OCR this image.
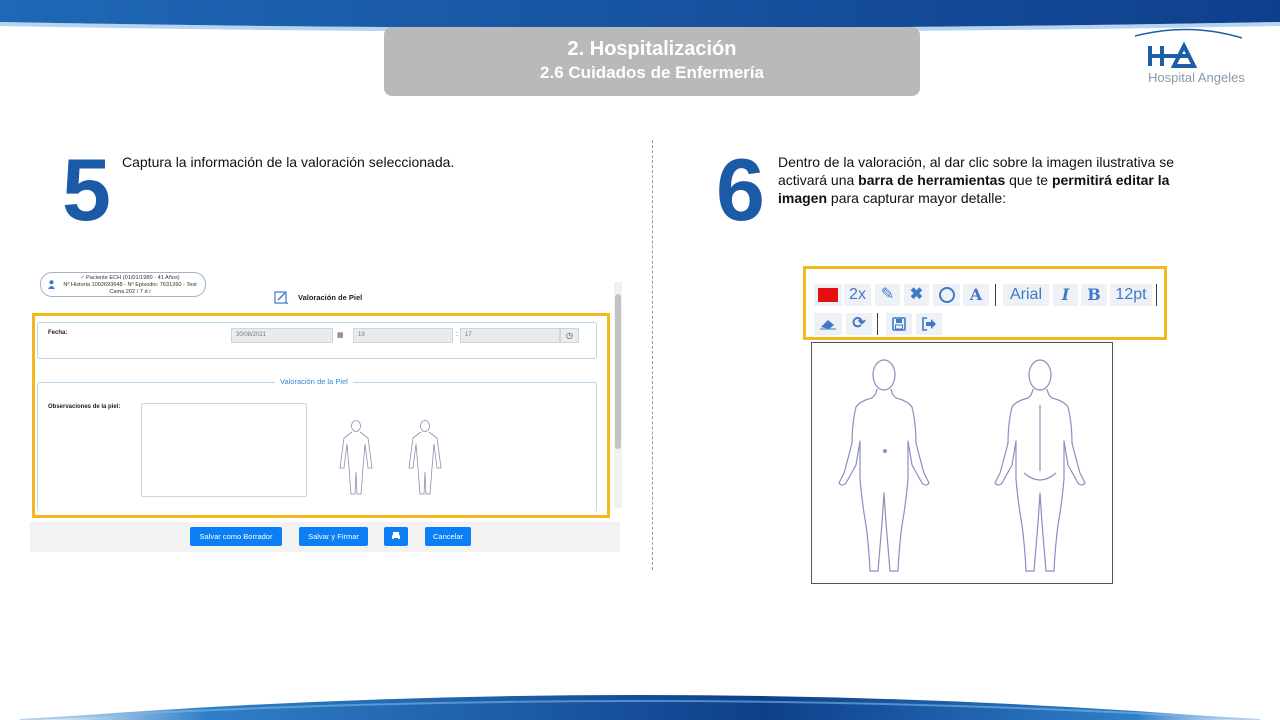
2. Hospitalización
2.6 Cuidados de Enfermería	Hospital Angeles
5 Captura la información de la valoración seleccionada.	6 Dentro de la valoración, al dar clic sobre la imagen ilustrativa se activará una barra de herramientas que te permitirá editar la imagen para capturar mayor detalle:
♂ Paciente ECH (01/01/1980 - 41 Años)
Nº Historia 1002693648 - Nº Episodio: 7631260 - Test
Cama 202 / 7 d /
Valoración de Piel
Fecha:	30/08/2021	▦	19	:	17	◷
Valoración de la Piel
Observaciones de la piel:
Salvar como Borrador	Salvar y Firmar	Cancelar
2x ✎ ✖	A	Arial	I	B 12pt
⟳
